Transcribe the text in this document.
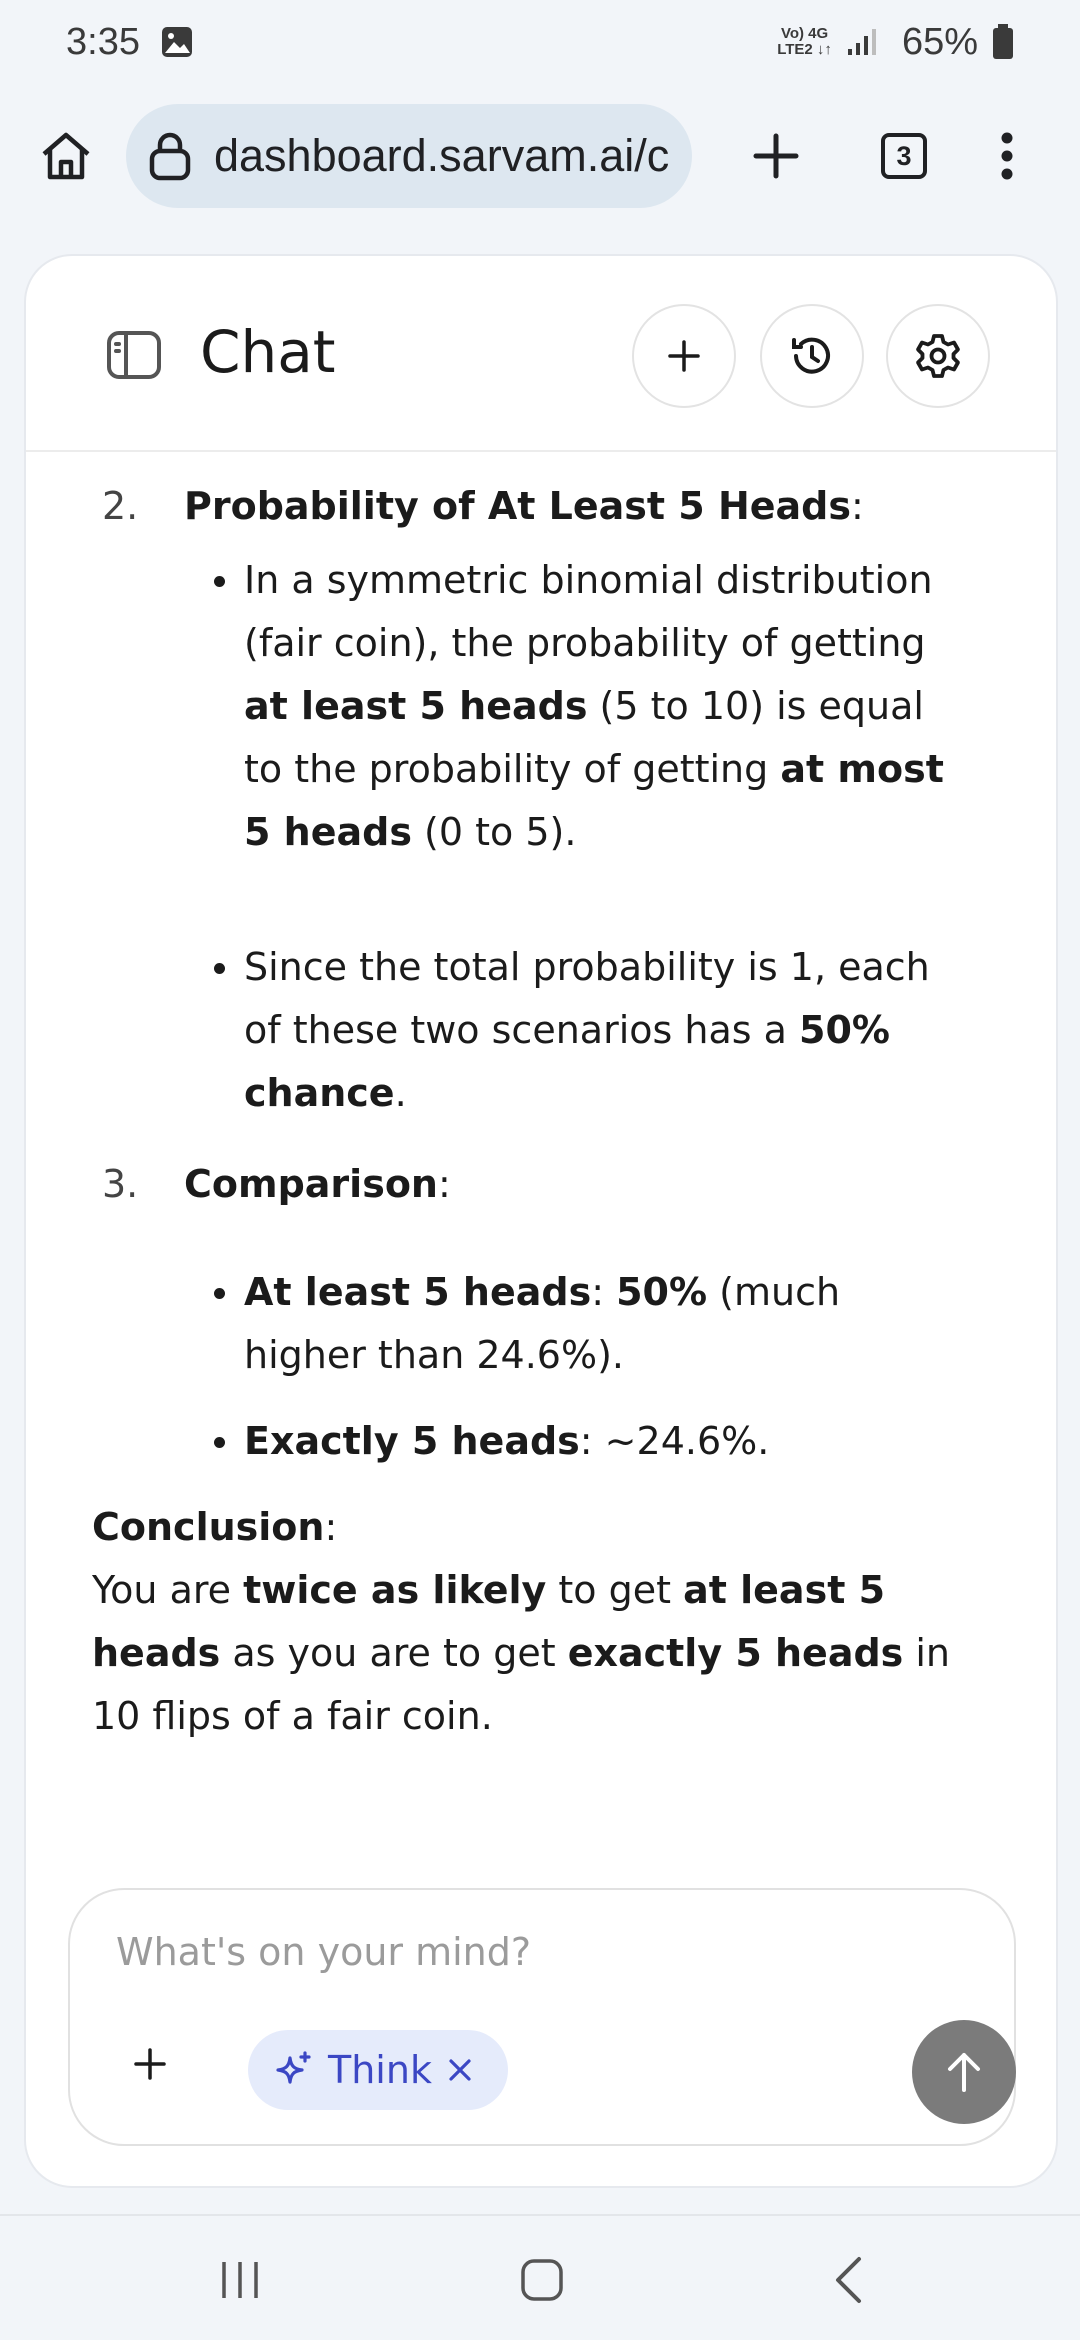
3:35	Vo) 4G
LTE2 ↓↑ 65%
dashboard.sarvam.ai/c	3
Chat
2. Probability of At Least 5 Heads:
In a symmetric binomial distribution (fair coin), the probability of getting at least 5 heads (5 to 10) is equal to the probability of getting at most 5 heads (0 to 5).
Since the total probability is 1, each of these two scenarios has a 50% chance.
3. Comparison:
At least 5 heads: 50% (much higher than 24.6%).
Exactly 5 heads: ~24.6%.
Conclusion:
You are twice as likely to get at least 5 heads as you are to get exactly 5 heads in 10 flips of a fair coin.
What's on your mind?
Think
